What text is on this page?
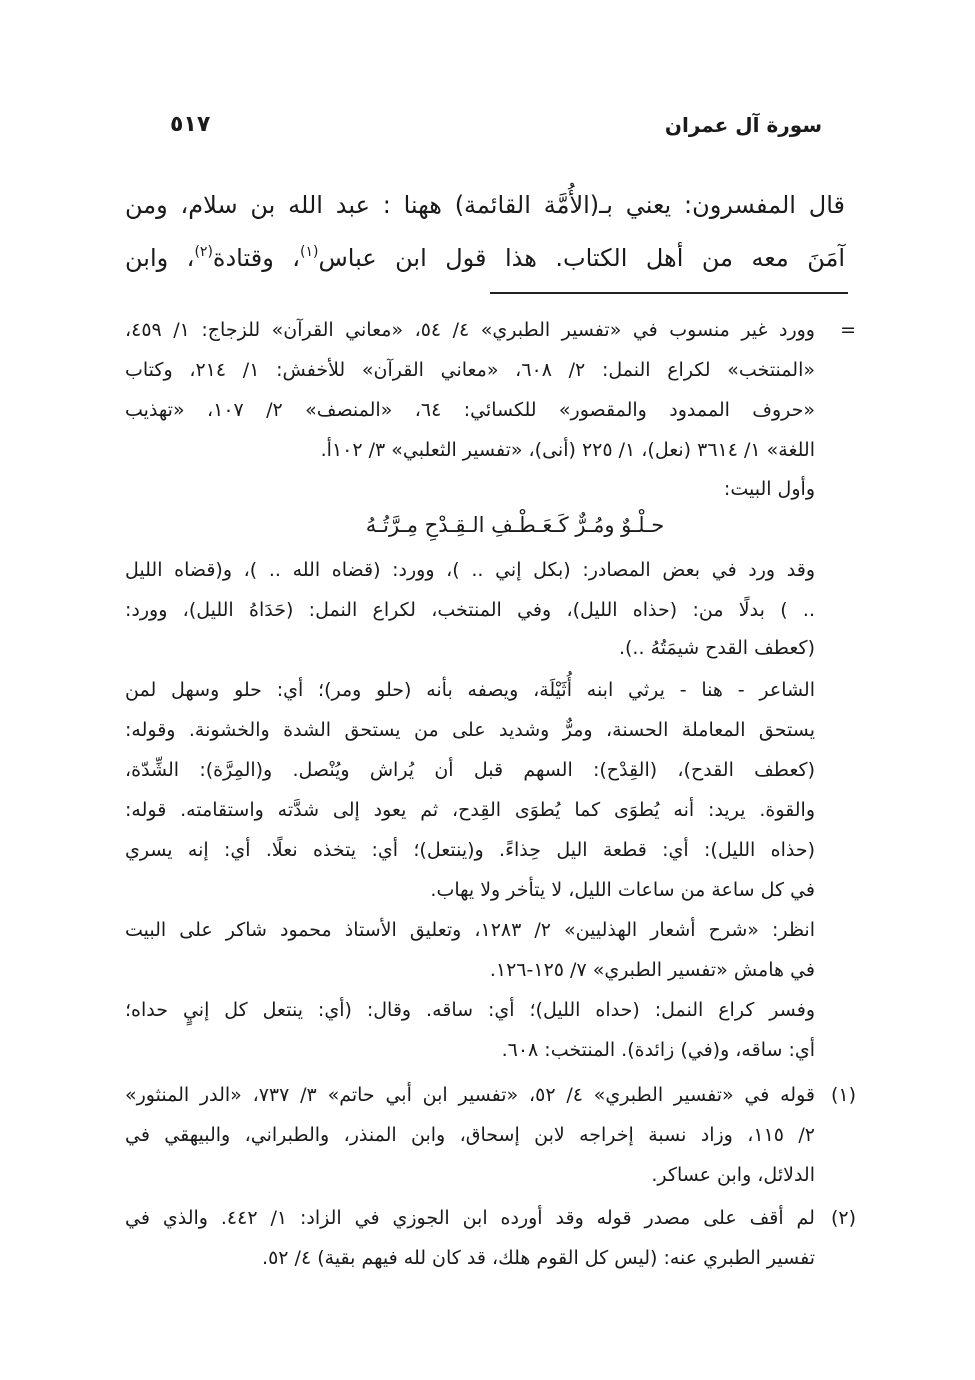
سورة آل عمران
٥١٧
قال المفسرون: يعني بـ(الأُمَّة القائمة) ههنا : عبد الله بن سلام، ومن
آمَنَ معه من أهل الكتاب. هذا قول ابن عباس$^{(١)}$، وقتادة$^{(٢)}$، وابن
=
وورد غير منسوب في «تفسير الطبري» ٤/ ٥٤، «معاني القرآن» للزجاج: ١/ ٤٥٩،
«المنتخب» لكراع النمل: ٢/ ٦٠٨، «معاني القرآن» للأخفش: ١/ ٢١٤، وكتاب
«حروف الممدود والمقصور» للكسائي: ٦٤، «المنصف» ٢/ ١٠٧، «تهذيب
اللغة» ١/ ٣٦١٤ (نعل)، ١/ ٢٢٥ (أنى)، «تفسير الثعلبي» ٣/ ١٠٢أ.
وأول البيت:
حـلْـوٌ ومُـرٌّ كَـعَـطْـفِ الـقِـدْحِ مِـرَّتُـهُ
وقد ورد في بعض المصادر: (بكل إني .. )، وورد: (قضاه الله .. )، و(قضاه الليل
.. ) بدلًا من: (حذاه الليل)، وفي المنتخب، لكراع النمل: (حَدَاهُ الليل)، وورد:
(كعطف القدح شيمَتُهُ ..).
الشاعر - هنا - يرثي ابنه أُثَيْلَة، ويصفه بأنه (حلو ومر)؛ أي: حلو وسهل لمن
يستحق المعاملة الحسنة، ومرٌّ وشديد على من يستحق الشدة والخشونة. وقوله:
(كعطف القدح)، (القِدْح): السهم قبل أن يُراش ويُنْصل. و(المِرَّة): الشِّدّة،
والقوة. يريد: أنه يُطوَى كما يُطوَى القِدح، ثم يعود إلى شدَّته واستقامته. قوله:
(حذاه الليل): أي: قطعة اليل حِذاءً. و(ينتعل)؛ أي: يتخذه نعلًا. أي: إنه يسري
في كل ساعة من ساعات الليل، لا يتأخر ولا يهاب.
انظر: «شرح أشعار الهذليين» ٢/ ١٢٨٣، وتعليق الأستاذ محمود شاكر على البيت
في هامش «تفسير الطبري» ٧/ ١٢٥-١٢٦.
وفسر كراع النمل: (حداه الليل)؛ أي: ساقه. وقال: (أي: ينتعل كل إنيٍ حداه؛
أي: ساقه، و(في) زائدة). المنتخب: ٦٠٨.
(١)
قوله في «تفسير الطبري» ٤/ ٥٢، «تفسير ابن أبي حاتم» ٣/ ٧٣٧، «الدر المنثور»
٢/ ١١٥، وزاد نسبة إخراجه لابن إسحاق، وابن المنذر، والطبراني، والبيهقي في
الدلائل، وابن عساكر.
(٢)
لم أقف على مصدر قوله وقد أورده ابن الجوزي في الزاد: ١/ ٤٤٢. والذي في
تفسير الطبري عنه: (ليس كل القوم هلك، قد كان لله فيهم بقية) ٤/ ٥٢.
